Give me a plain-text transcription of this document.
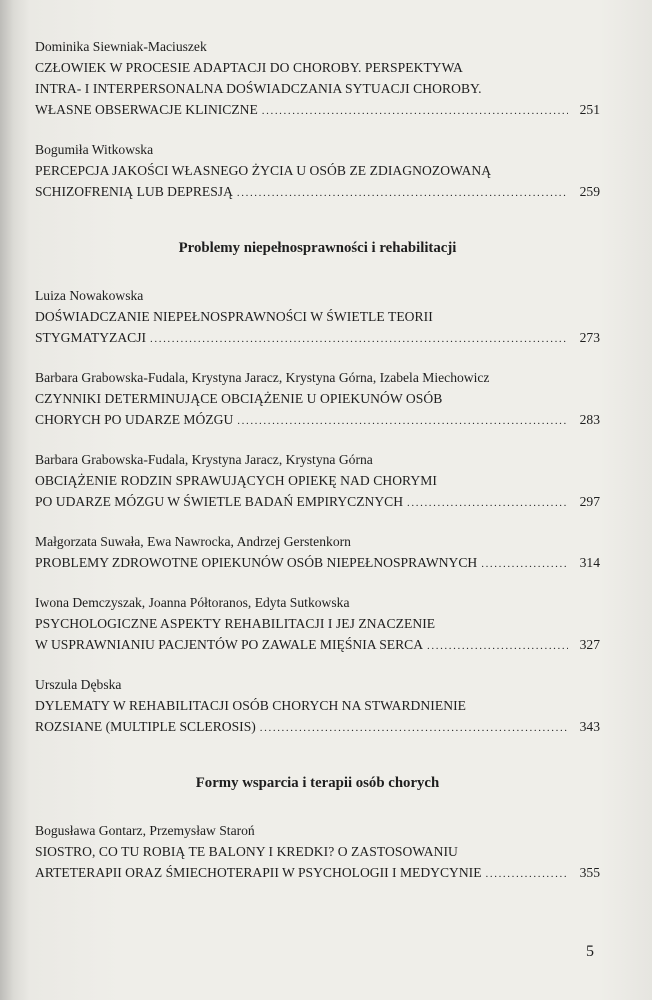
Dominika Siewniak-Maciuszek
CZŁOWIEK W PROCESIE ADAPTACJI DO CHOROBY. PERSPEKTYWA
INTRA- I INTERPERSONALNA DOŚWIADCZANIA SYTUACJI CHOROBY.
WŁASNE OBSERWACJE KLINICZNE .....	251
Bogumiła Witkowska
PERCEPCJA JAKOŚCI WŁASNEGO ŻYCIA U OSÓB ZE ZDIAGNOZOWANĄ
SCHIZOFRENIĄ LUB DEPRESJĄ .....	259
Problemy niepełnosprawności i rehabilitacji
Luiza Nowakowska
DOŚWIADCZANIE NIEPEŁNOSPRAWNOŚCI W ŚWIETLE TEORII
STYGMATYZACJI .....	273
Barbara Grabowska-Fudala, Krystyna Jaracz, Krystyna Górna, Izabela Miechowicz
CZYNNIKI DETERMINUJĄCE OBCIĄŻENIE U OPIEKUNÓW OSÓB
CHORYCH PO UDARZE MÓZGU .....	283
Barbara Grabowska-Fudala, Krystyna Jaracz, Krystyna Górna
OBCIĄŻENIE RODZIN SPRAWUJĄCYCH OPIEKĘ NAD CHORYMI
PO UDARZE MÓZGU W ŚWIETLE BADAŃ EMPIRYCZNYCH .....	297
Małgorzata Suwała, Ewa Nawrocka, Andrzej Gerstenkorn
PROBLEMY ZDROWOTNE OPIEKUNÓW OSÓB NIEPEŁNOSPRAWNYCH .....	314
Iwona Demczyszak, Joanna Półtoranos, Edyta Sutkowska
PSYCHOLOGICZNE ASPEKTY REHABILITACJI I JEJ ZNACZENIE
W USPRAWNIANIU PACJENTÓW PO ZAWALE MIĘŚNIA SERCA .....	327
Urszula Dębska
DYLEMATY W REHABILITACJI OSÓB CHORYCH NA STWARDNIENIE
ROZSIANE (MULTIPLE SCLEROSIS) .....	343
Formy wsparcia i terapii osób chorych
Bogusława Gontarz, Przemysław Staroń
SIOSTRO, CO TU ROBIĄ TE BALONY I KREDKI? O ZASTOSOWANIU
ARTETERAPII ORAZ ŚMIECHOTERAPII W PSYCHOLOGII I MEDYCYNIE .....	355
5
